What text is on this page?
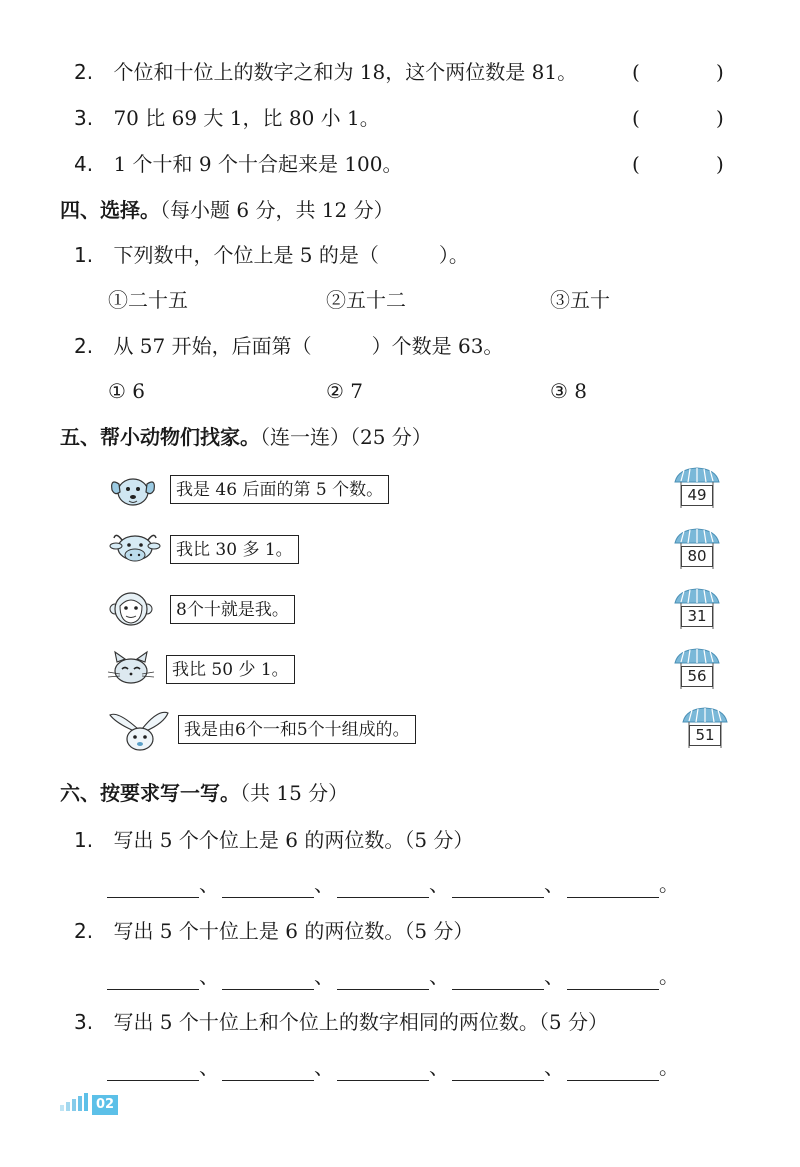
2. 个位和十位上的数字之和为 18，这个两位数是 81。	(	)
3. 70 比 69 大 1，比 80 小 1。	(	)
4. 1 个十和 9 个十合起来是 100。	(	)
四、选择。（每小题 6 分，共 12 分）
1. 下列数中，个位上是 5 的是（　　　）。
①二十五	②五十二	③五十
2. 从 57 开始，后面第（　　　）个数是 63。
① 6	② 7	③ 8
五、帮小动物们找家。（连一连）（25 分）
我是 46 后面的第 5 个数。
我比 30 多 1。
8个十就是我。
我比 50 少 1。
我是由6个一和5个十组成的。
49
80
31
56
51
六、按要求写一写。（共 15 分）
1. 写出 5 个个位上是 6 的两位数。（5 分）
、	、	、	、	。
2. 写出 5 个十位上是 6 的两位数。（5 分）
、	、	、	、	。
3. 写出 5 个十位上和个位上的数字相同的两位数。（5 分）
、	、	、	、	。
02
